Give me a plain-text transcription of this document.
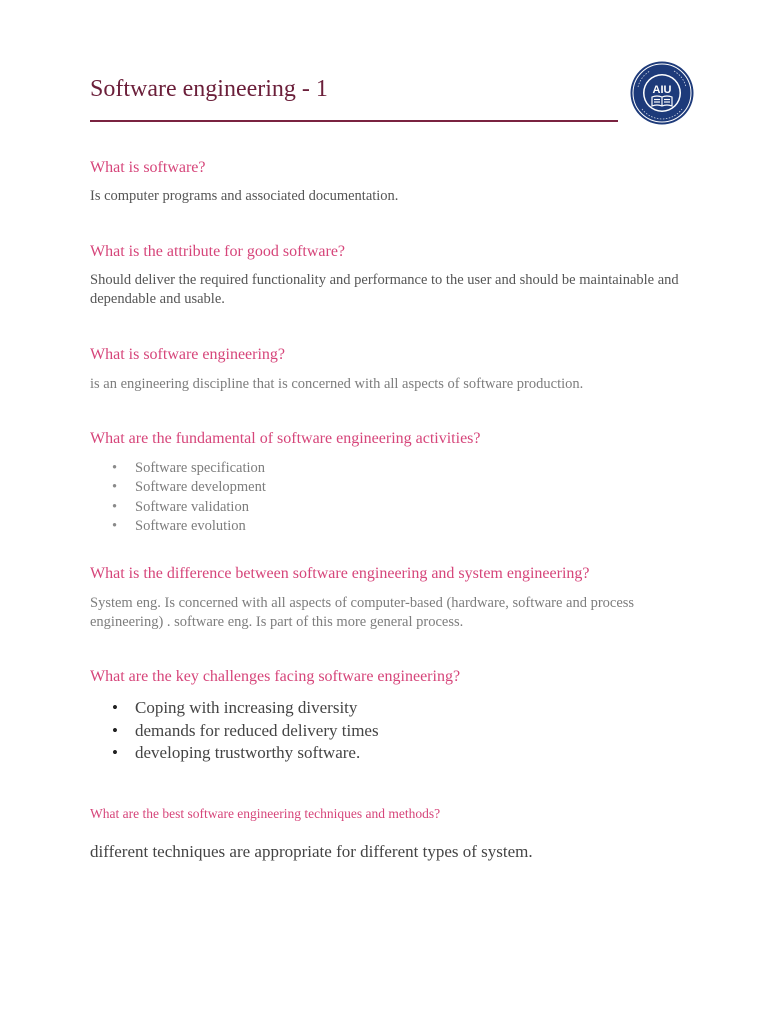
Software engineering - 1	AIU
What is software?
Is computer programs and associated documentation.
What is the attribute for good software?
Should deliver the required functionality and performance to the user and should be maintainable and dependable and usable.
What is software engineering?
is an engineering discipline that is concerned with all aspects of software production.
What are the fundamental of software engineering activities?
• Software specification
• Software development
• Software validation
• Software evolution
What is the difference between software engineering and system engineering?
System eng. Is concerned with all aspects of computer-based (hardware, software and process engineering) . software eng. Is part of this more general process.
What are the key challenges facing software engineering?
• Coping with increasing diversity
• demands for reduced delivery times
• developing trustworthy software.
What are the best software engineering techniques and methods?
different techniques are appropriate for different types of system.
